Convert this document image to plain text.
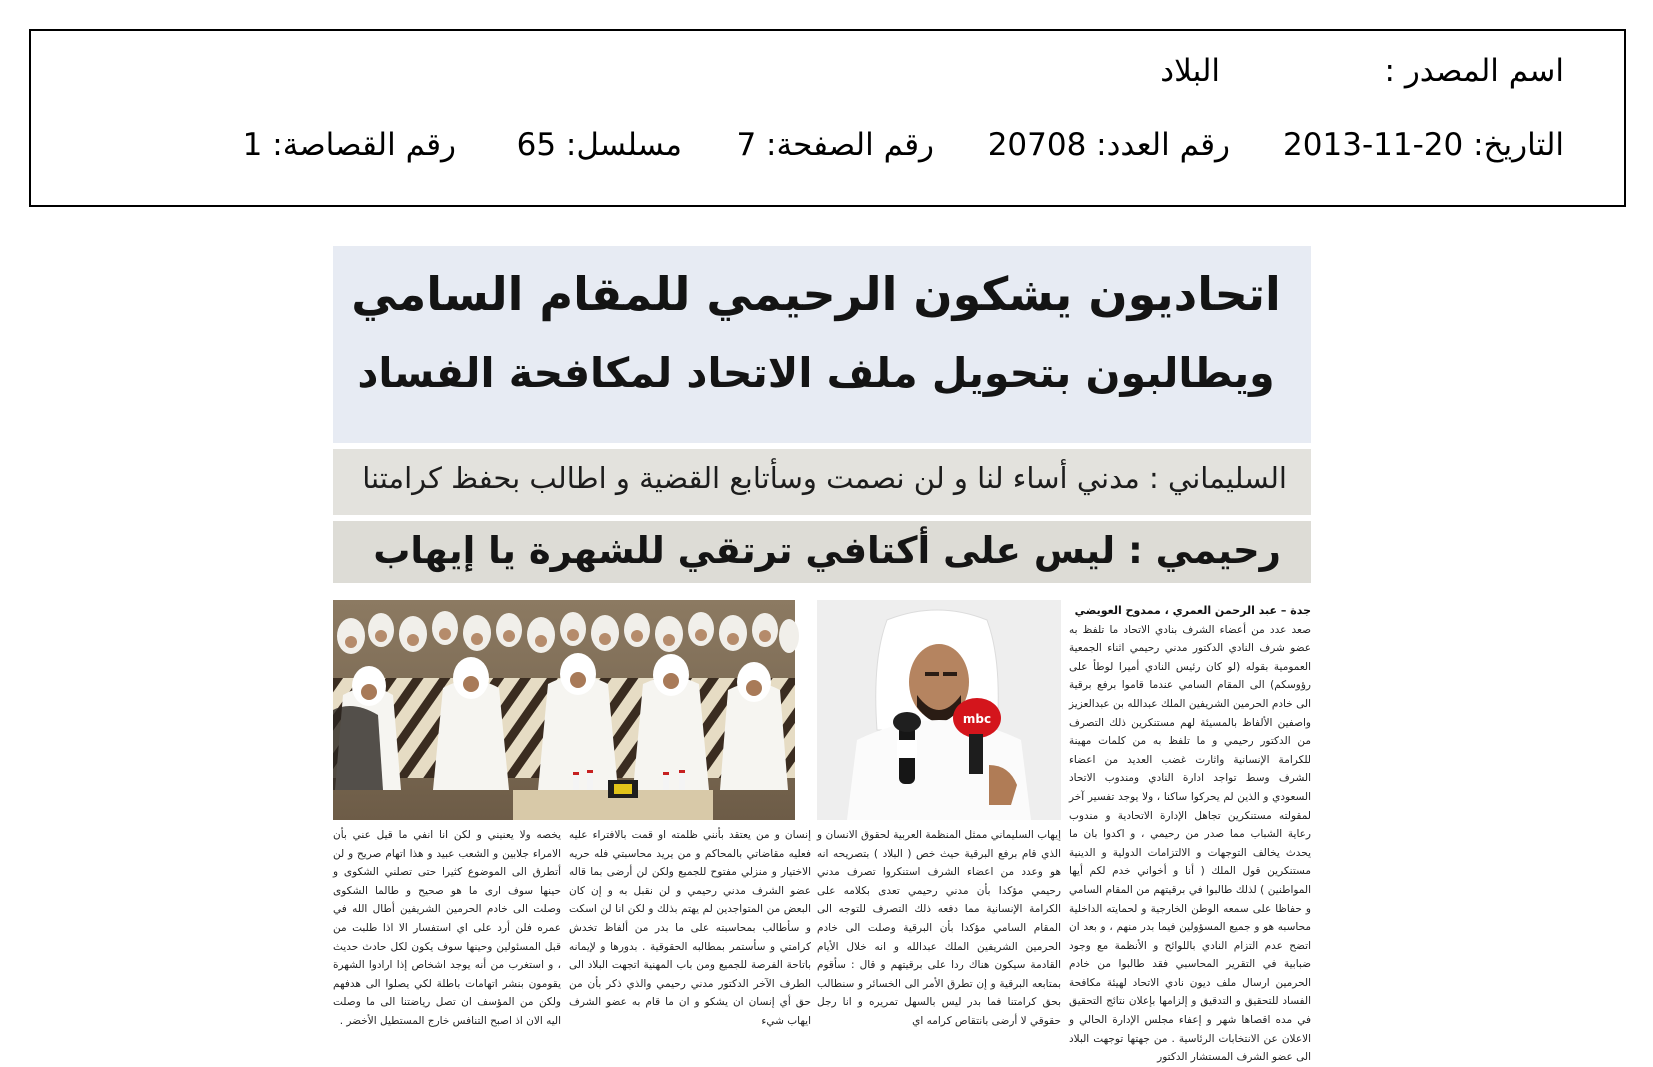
اسم المصدر :
البلاد
التاريخ: 20-11-2013
رقم العدد: 20708
رقم الصفحة: 7
مسلسل: 65
رقم القصاصة: 1
اتحاديون يشكون الرحيمي للمقام السامي
ويطالبون بتحويل ملف الاتحاد لمكافحة الفساد
السليماني : مدني أساء لنا و لن نصمت وسأتابع القضية و اطالب بحفظ كرامتنا
رحيمي : ليس على أكتافي ترتقي للشهرة يا إيهاب
mbc
جدة – عبد الرحمن العمري ، ممدوح العويضي
صعد عدد من أعضاء الشرف بنادي الاتحاد ما تلفظ به عضو شرف النادي الدكتور مدني رحيمي اثناء الجمعية العمومية بقوله (لو كان رئيس النادي أميرا لوطأ على رؤوسكم) الى المقام السامي عندما قاموا برفع برقية الى خادم الحرمين الشريفين الملك عبدالله بن عبدالعزيز واصفين الألفاظ بالمسيئة لهم مستنكرين ذلك التصرف من الدكتور رحيمي و ما تلفظ به من كلمات مهينة للكرامة الإنسانية واثارت غضب العديد من اعضاء الشرف وسط تواجد ادارة النادي ومندوب الاتحاد السعودي و الذين لم يحركوا ساكنا ، ولا يوجد تفسير آخر لمقولته مستنكرين تجاهل الإدارة الاتحادية و مندوب رعاية الشباب مما صدر من رحيمي ، و اكدوا بان ما يحدث يخالف التوجهات و الالتزامات الدولية و الدينية مستنكرين قول الملك ( أنا و أخواني خدم لكم أيها المواطنين ) لذلك طالبوا في برقيتهم من المقام السامي و حفاظا على سمعه الوطن الخارجية و لحمايته الداخلية محاسبه هو و جميع المسؤولين فيما بدر منهم ، و بعد ان اتضح عدم التزام النادي باللوائح و الأنظمة مع وجود ضبابية في التقرير المحاسبي فقد طالبوا من خادم الحرمين ارسال ملف ديون نادي الاتحاد لهيئة مكافحة الفساد للتحقيق و التدقيق و إلزامها بإعلان نتائج التحقيق في مده اقصاها شهر و إعفاء مجلس الإدارة الحالي و الاعلان عن الانتخابات الرئاسية . من جهتها توجهت البلاد الى عضو الشرف المستشار الدكتور
إيهاب السليماني ممثل المنظمة العربية لحقوق الانسان و الذي قام برفع البرقية حيث خص ( البلاد ) بتصريحه انه هو وعدد من اعضاء الشرف استنكروا تصرف مدني رحيمي مؤكدا بأن مدني رحيمي تعدى بكلامه على الكرامة الإنسانية مما دفعه ذلك التصرف للتوجه الى المقام السامي مؤكدا بأن البرقية وصلت الى خادم الحرمين الشريفين الملك عبدالله و انه خلال الأيام القادمة سيكون هناك ردا على برقيتهم و قال : سأقوم بمتابعه البرقية و إن تطرق الأمر الى الخسائر و سنطالب بحق كرامتنا فما بدر ليس بالسهل تمريره و انا رجل حقوقي لا أرضى بانتقاص كرامه اي
إنسان و من يعتقد بأنني ظلمته او قمت بالافتراء عليه فعليه مقاضاتي بالمحاكم و من يريد محاسبتي فله حريه الاختيار و منزلي مفتوح للجميع ولكن لن أرضى بما قاله عضو الشرف مدني رحيمي و لن نقبل به و إن كان البعض من المتواجدين لم يهتم بذلك و لكن انا لن اسكت و سأطالب بمحاسبته على ما بدر من ألفاظ تخدش كرامتي و سأستمر بمطالبه الحقوقية . بدورها و لإيمانه باتاحة الفرصة للجميع ومن باب المهنية اتجهت البلاد الى الطرف الآخر الدكتور مدني رحيمي والذي ذكر بأن من حق أي إنسان ان يشكو و ان ما قام به عضو الشرف ايهاب شيء
يخصه ولا يعنيني و لكن انا انفي ما قيل عني بأن الامراء جلابين و الشعب عبيد و هذا اتهام صريح و لن أتطرق الى الموضوع كثيرا حتى تصلني الشكوى و حينها سوف ارى ما هو صحيح و طالما الشكوى وصلت الى خادم الحرمين الشريفين أطال الله في عمره فلن أرد على اي استفسار الا اذا طلبت من قبل المسئولين وحينها سوف يكون لكل حادث حديث ، و استغرب من أنه يوجد اشخاص إذا ارادوا الشهرة يقومون بنشر اتهامات باطلة لكي يصلوا الى هدفهم ولكن من المؤسف ان تصل رياضتنا الى ما وصلت اليه الان اذ اصبح التنافس خارج المستطيل الأخضر .
